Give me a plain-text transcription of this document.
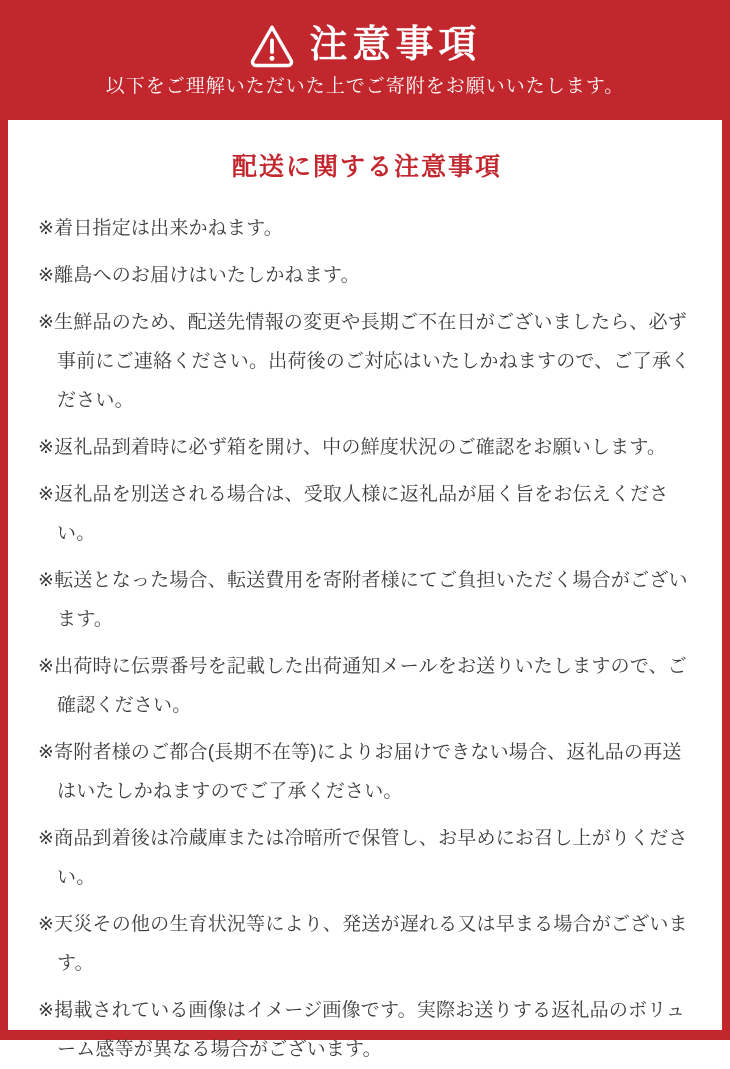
注意事項

以下をご理解いただいた上でご寄附をお願いいたします。

配送に関する注意事項
※着日指定は出来かねます。
※離島へのお届けはいたしかねます。
※生鮮品のため、配送先情報の変更や長期ご不在日がございましたら、必ず事前にご連絡ください。出荷後のご対応はいたしかねますので、ご了承ください。
※返礼品到着時に必ず箱を開け、中の鮮度状況のご確認をお願いします。
※返礼品を別送される場合は、受取人様に返礼品が届く旨をお伝えください。
※転送となった場合、転送費用を寄附者様にてご負担いただく場合がございます。
※出荷時に伝票番号を記載した出荷通知メールをお送りいたしますので、ご確認ください。
※寄附者様のご都合(長期不在等)によりお届けできない場合、返礼品の再送はいたしかねますのでご了承ください。
※商品到着後は冷蔵庫または冷暗所で保管し、お早めにお召し上がりください。
※天災その他の生育状況等により、発送が遅れる又は早まる場合がございます。
※掲載されている画像はイメージ画像です。実際お送りする返礼品のボリューム感等が異なる場合がございます。
